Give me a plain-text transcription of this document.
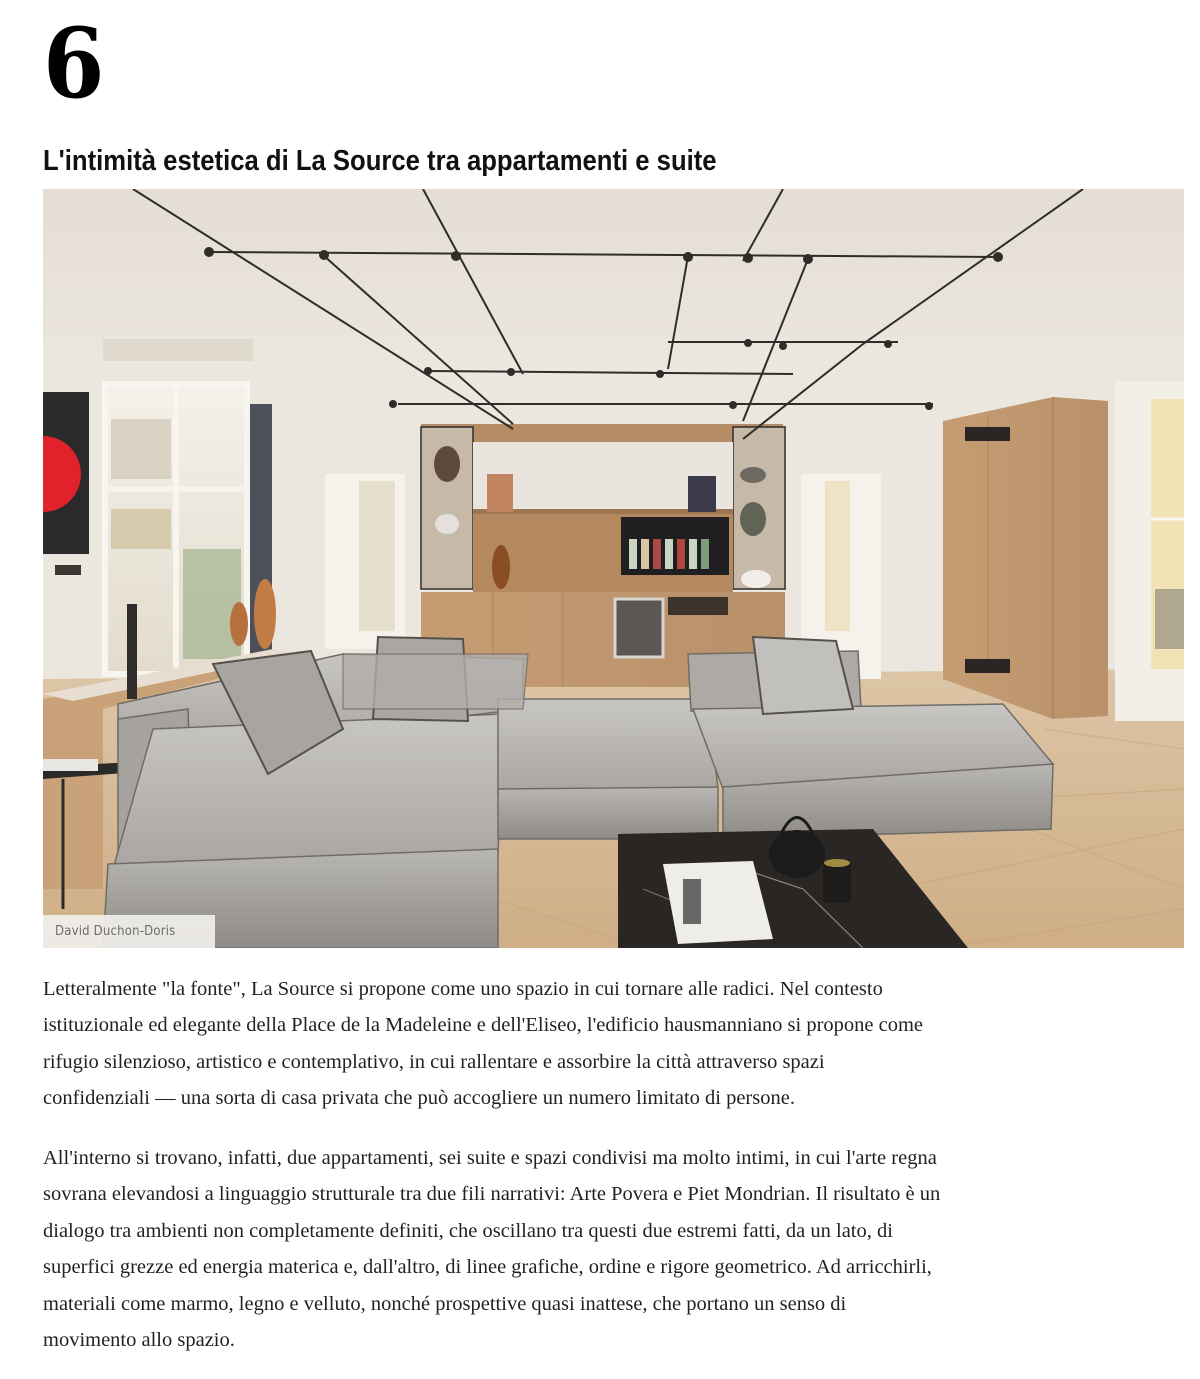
6
L'intimità estetica di La Source tra appartamenti e suite
David Duchon-Doris

Letteralmente "la fonte", La Source si propone come uno spazio in cui tornare alle radici. Nel contesto
istituzionale ed elegante della Place de la Madeleine e dell'Eliseo, l'edificio hausmanniano si propone come
rifugio silenzioso, artistico e contemplativo, in cui rallentare e assorbire la città attraverso spazi
confidenziali — una sorta di casa privata che può accogliere un numero limitato di persone.

All'interno si trovano, infatti, due appartamenti, sei suite e spazi condivisi ma molto intimi, in cui l'arte regna
sovrana elevandosi a linguaggio strutturale tra due fili narrativi: Arte Povera e Piet Mondrian. Il risultato è un
dialogo tra ambienti non completamente definiti, che oscillano tra questi due estremi fatti, da un lato, di
superfici grezze ed energia materica e, dall'altro, di linee grafiche, ordine e rigore geometrico. Ad arricchirli,
materiali come marmo, legno e velluto, nonché prospettive quasi inattese, che portano un senso di
movimento allo spazio.
